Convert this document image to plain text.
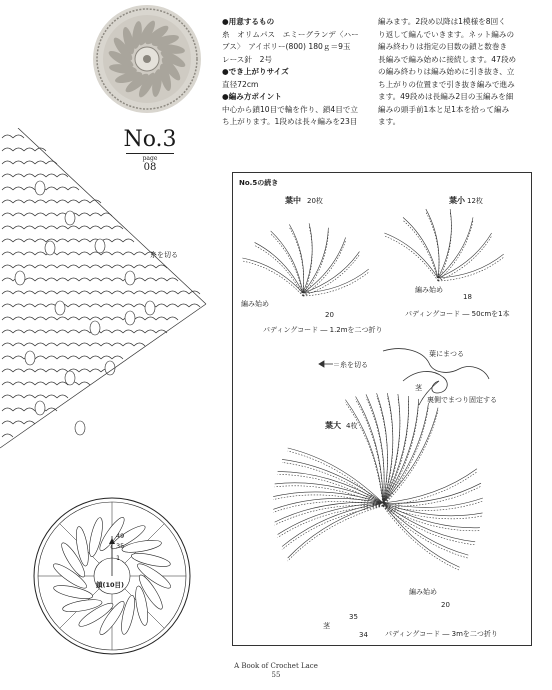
●用意するもの
糸　オリムパス　エミーグランデ〈ハー
ブス〉　アイボリー(800) 180ｇ＝9玉
レース針　2号
●でき上がりサイズ
直径72cm
●編み方ポイント
中心から鎖10目で輪を作り、鎖4目で立
ち上がります。1段めは長々編みを23目
編みます。2段め以降は1模様を8回く
り返して編んでいきます。ネット編みの
編み終わりは指定の目数の鎖と数巻き
長編みで編み始めに接続します。47段め
の編み終わりは編み始めに引き抜き、立
ち上がりの位置まで引き抜き編みで進み
ます。49段めは長編み2目の玉編みを細
編みの頭手前1本と足1本を拾って編み
ます。
糸を切る
No.3
page
08
49
35
1
鎖(10目)
No.5の続き
葉中 20枚	葉小 12枚
編み始め
20
編み始め
18
パディングコード ― 1.2mを二つ折り
パディングコード ― 50cmを1本
＝糸を切る
葉にまつる
茎
裏側でまつり固定する
葉大 4枚
編み始め
20
35
34
茎
パディングコード ― 3mを二つ折り
A Book of Crochet Lace
55
